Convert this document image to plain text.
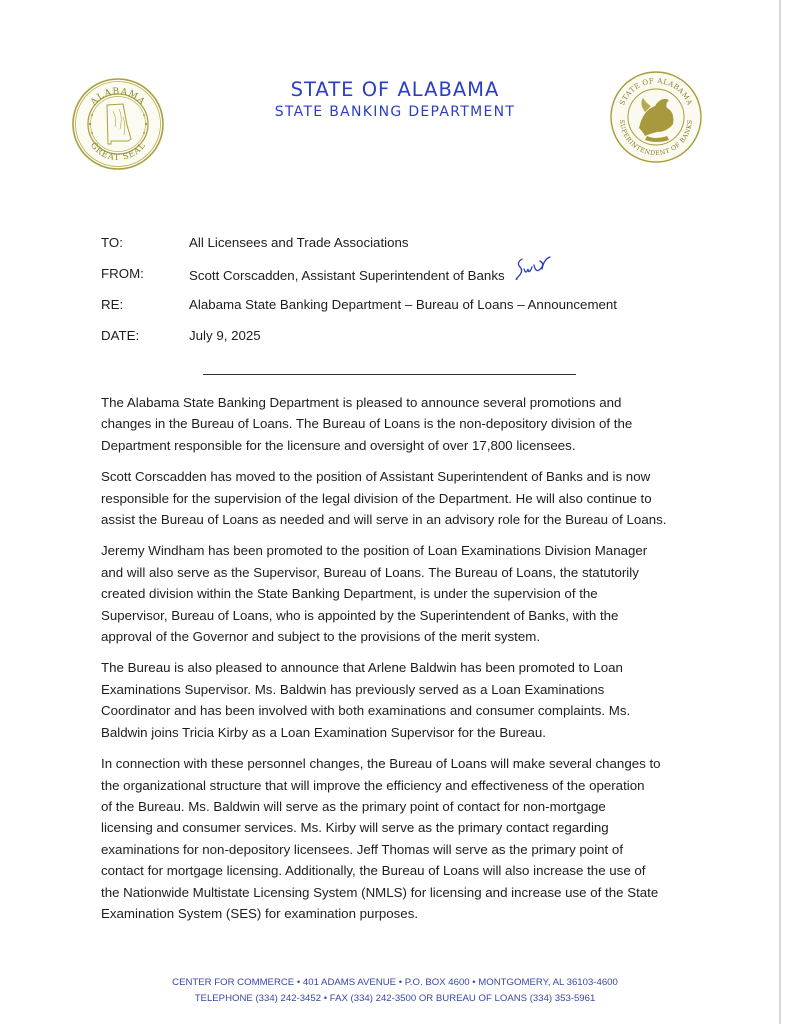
ALABAMA
GREAT SEAL
STATE OF ALABAMA
STATE BANKING DEPARTMENT
STATE OF ALABAMA
SUPERINTENDENT OF BANKS
TO:	All Licensees and Trade Associations
FROM:	Scott Corscadden, Assistant Superintendent of Banks
RE:	Alabama State Banking Department – Bureau of Loans – Announcement
DATE:	July 9, 2025

The Alabama State Banking Department is pleased to announce several promotions and
changes in the Bureau of Loans. The Bureau of Loans is the non-depository division of the
Department responsible for the licensure and oversight of over 17,800 licensees.

Scott Corscadden has moved to the position of Assistant Superintendent of Banks and is now
responsible for the supervision of the legal division of the Department. He will also continue to
assist the Bureau of Loans as needed and will serve in an advisory role for the Bureau of Loans.

Jeremy Windham has been promoted to the position of Loan Examinations Division Manager
and will also serve as the Supervisor, Bureau of Loans. The Bureau of Loans, the statutorily
created division within the State Banking Department, is under the supervision of the
Supervisor, Bureau of Loans, who is appointed by the Superintendent of Banks, with the
approval of the Governor and subject to the provisions of the merit system.

The Bureau is also pleased to announce that Arlene Baldwin has been promoted to Loan
Examinations Supervisor. Ms. Baldwin has previously served as a Loan Examinations
Coordinator and has been involved with both examinations and consumer complaints. Ms.
Baldwin joins Tricia Kirby as a Loan Examination Supervisor for the Bureau.

In connection with these personnel changes, the Bureau of Loans will make several changes to
the organizational structure that will improve the efficiency and effectiveness of the operation
of the Bureau. Ms. Baldwin will serve as the primary point of contact for non-mortgage
licensing and consumer services. Ms. Kirby will serve as the primary contact regarding
examinations for non-depository licensees. Jeff Thomas will serve as the primary point of
contact for mortgage licensing. Additionally, the Bureau of Loans will also increase the use of
the Nationwide Multistate Licensing System (NMLS) for licensing and increase use of the State
Examination System (SES) for examination purposes.

CENTER FOR COMMERCE • 401 ADAMS AVENUE • P.O. BOX 4600 • MONTGOMERY, AL 36103-4600
TELEPHONE (334) 242-3452 • FAX (334) 242-3500 OR BUREAU OF LOANS (334) 353-5961
